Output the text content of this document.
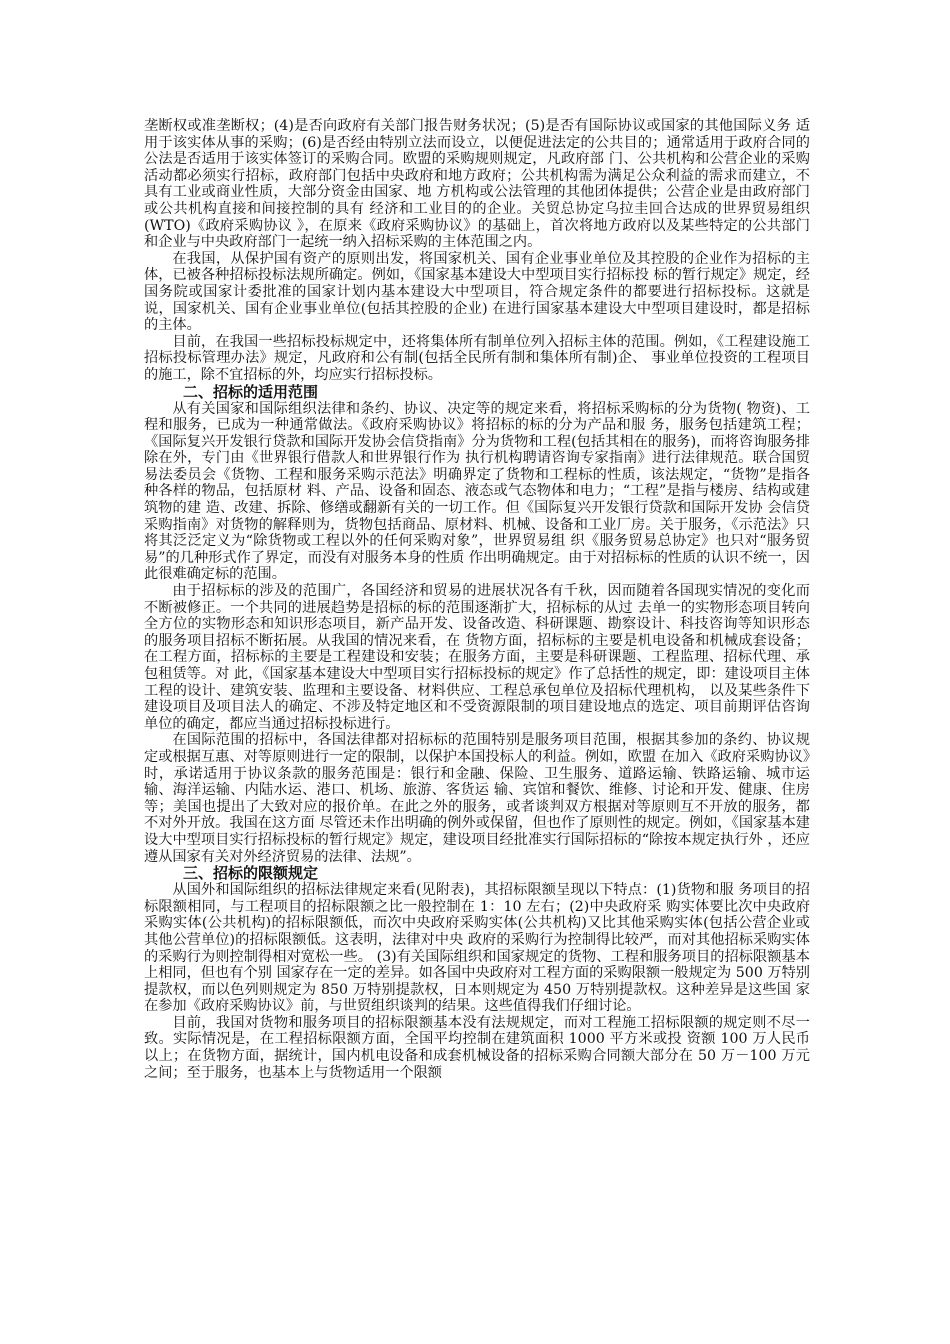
垄断权或准垄断权；(4)是否向政府有关部门报告财务状况；(5)是否有国际协议或国家的其他国际义务 适用于该实体从事的采购；(6)是否经由特别立法而设立，以便促进法定的公共目的；通常适用于政府合同的公法是否适用于该实体签订的采购合同。欧盟的采购规则规定，凡政府部 门、公共机构和公营企业的采购活动都必须实行招标，政府部门包括中央政府和地方政府；公共机构需为满足公众利益的需求而建立，不具有工业或商业性质，大部分资金由国家、地 方机构或公法管理的其他团体提供；公营企业是由政府部门或公共机构直接和间接控制的具有 经济和工业目的的企业。关贸总协定乌拉圭回合达成的世界贸易组织(WTO)《政府采购协议 》，在原来《政府采购协议》的基础上，首次将地方政府以及某些特定的公共部门和企业与中央政府部门一起统一纳入招标采购的主体范围之内。

在我国，从保护国有资产的原则出发，将国家机关、国有企业事业单位及其控股的企业作为招标的主体，已被各种招标投标法规所确定。例如，《国家基本建设大中型项目实行招标投 标的暂行规定》规定，经国务院或国家计委批准的国家计划内基本建设大中型项目，符合规定条件的都要进行招标投标。这就是说，国家机关、国有企业事业单位(包括其控股的企业) 在进行国家基本建设大中型项目建设时，都是招标的主体。

目前，在我国一些招标投标规定中，还将集体所有制单位列入招标主体的范围。例如，《工程建设施工招标投标管理办法》规定，凡政府和公有制(包括全民所有制和集体所有制)企、 事业单位投资的工程项目的施工，除不宜招标的外，均应实行招标投标。

二、招标的适用范围

从有关国家和国际组织法律和条约、协议、决定等的规定来看，将招标采购标的分为货物( 物资)、工程和服务，已成为一种通常做法。《政府采购协议》将招标的标的分为产品和服 务，服务包括建筑工程；《国际复兴开发银行贷款和国际开发协会信贷指南》分为货物和工程(包括其相在的服务)，而将咨询服务排除在外，专门由《世界银行借款人和世界银行作为 执行机构聘请咨询专家指南》进行法律规范。联合国贸易法委员会《货物、工程和服务采购示范法》明确界定了货物和工程标的性质，该法规定，“货物”是指各种各样的物品，包括原材 料、产品、设备和固态、液态或气态物体和电力；“工程”是指与楼房、结构或建筑物的建 造、改建、拆除、修缮或翻新有关的一切工作。但《国际复兴开发银行贷款和国际开发协 会信贷采购指南》对货物的解释则为，货物包括商品、原材料、机械、设备和工业厂房。关于服务，《示范法》只将其泛泛定义为“除货物或工程以外的任何采购对象”，世界贸易组 织《服务贸易总协定》也只对“服务贸易”的几种形式作了界定，而没有对服务本身的性质 作出明确规定。由于对招标标的性质的认识不统一，因此很难确定标的范围。

由于招标标的涉及的范围广，各国经济和贸易的进展状况各有千秋，因而随着各国现实情况的变化而不断被修正。一个共同的进展趋势是招标的标的范围逐渐扩大，招标标的从过 去单一的实物形态项目转向全方位的实物形态和知识形态项目，新产品开发、设备改造、科研课题、勘察设计、科技咨询等知识形态的服务项目招标不断拓展。从我国的情况来看，在 货物方面，招标标的主要是机电设备和机械成套设备；在工程方面，招标标的主要是工程建设和安装；在服务方面，主要是科研课题、工程监理、招标代理、承包租赁等。对 此，《国家基本建设大中型项目实行招标投标的规定》作了总括性的规定，即：建设项目主体工程的设计、建筑安装、监理和主要设备、材料供应、工程总承包单位及招标代理机构， 以及某些条件下建设项目及项目法人的确定、不涉及特定地区和不受资源限制的项目建设地点的选定、项目前期评估咨询单位的确定，都应当通过招标投标进行。

在国际范围的招标中，各国法律都对招标标的范围特别是服务项目范围，根据其参加的条约、协议规定或根据互惠、对等原则进行一定的限制，以保护本国投标人的利益。例如，欧盟 在加入《政府采购协议》时，承诺适用于协议条款的服务范围是：银行和金融、保险、卫生服务、道路运输、铁路运输、城市运输、海洋运输、内陆水运、港口、机场、旅游、客货运 输、宾馆和餐饮、维修、讨论和开发、健康、住房等；美国也提出了大致对应的报价单。在此之外的服务，或者谈判双方根据对等原则互不开放的服务，都不对外开放。我国在这方面 尽管还未作出明确的例外或保留，但也作了原则性的规定。例如，《国家基本建设大中型项目实行招标投标的暂行规定》规定，建设项目经批准实行国际招标的“除按本规定执行外 ，还应遵从国家有关对外经济贸易的法律、法规”。

三、招标的限额规定

从国外和国际组织的招标法律规定来看(见附表)，其招标限额呈现以下特点：(1)货物和服 务项目的招标限额相同，与工程项目的招标限额之比一般控制在 1：10 左右；(2)中央政府采 购实体要比次中央政府采购实体(公共机构)的招标限额低，而次中央政府采购实体(公共机构)又比其他采购实体(包括公营企业或其他公营单位)的招标限额低。这表明，法律对中央 政府的采购行为控制得比较严，而对其他招标采购实体的采购行为则控制得相对宽松一些。 (3)有关国际组织和国家规定的货物、工程和服务项目的招标限额基本上相同，但也有个别 国家存在一定的差异。如各国中央政府对工程方面的采购限额一般规定为 500 万特别提款权，而以色列则规定为 850 万特别提款权，日本则规定为 450 万特别提款权。这种差异是这些国 家在参加《政府采购协议》前，与世贸组织谈判的结果。这些值得我们仔细讨论。

目前，我国对货物和服务项目的招标限额基本没有法规规定，而对工程施工招标限额的规定则不尽一致。实际情况是，在工程招标限额方面，全国平均控制在建筑面积 1000 平方米或投 资额 100 万人民币以上；在货物方面，据统计，国内机电设备和成套机械设备的招标采购合同额大部分在 50 万－100 万元之间；至于服务，也基本上与货物适用一个限额
